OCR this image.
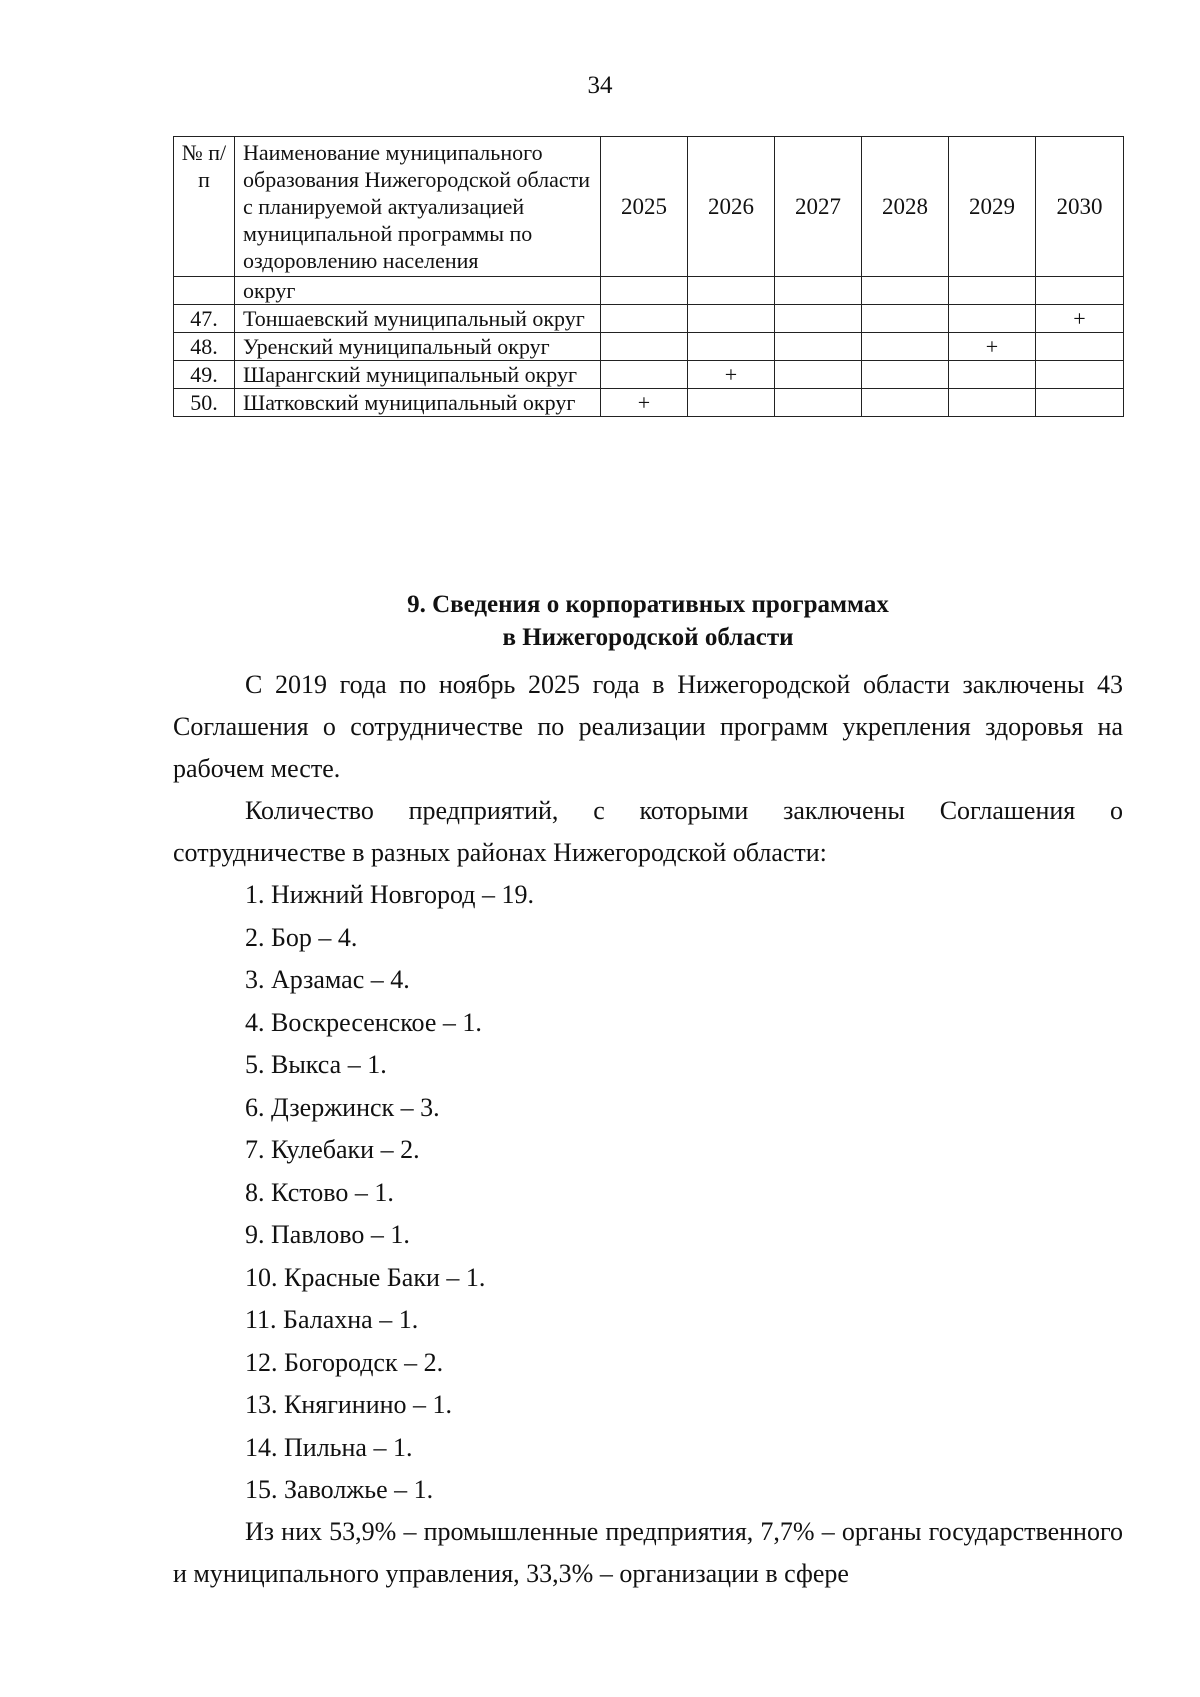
34
№ п/п	Наименование муниципального образования Нижегородской области с планируемой актуализацией муниципальной программы по оздоровлению населения	2025	2026	2027	2028	2029	2030
	округ						
47.	Тоншаевский муниципальный округ						+
48.	Уренский муниципальный округ					+	
49.	Шарангский муниципальный округ		+				
50.	Шатковский муниципальный округ	+					
9. Сведения о корпоративных программах
в Нижегородской области
С 2019 года по ноябрь 2025 года в Нижегородской области заключены 43 Соглашения о сотрудничестве по реализации программ укрепления здоровья на рабочем месте.
Количество предприятий, с которыми заключены Соглашения о сотрудничестве в разных районах Нижегородской области:
1. Нижний Новгород – 19.
2. Бор – 4.
3. Арзамас – 4.
4. Воскресенское – 1.
5. Выкса – 1.
6. Дзержинск – 3.
7. Кулебаки – 2.
8. Кстово – 1.
9. Павлово – 1.
10. Красные Баки – 1.
11. Балахна – 1.
12. Богородск – 2.
13. Княгинино – 1.
14. Пильна – 1.
15. Заволжье – 1.
Из них 53,9% – промышленные предприятия, 7,7% – органы государственного и муниципального управления, 33,3% – организации в сфере
